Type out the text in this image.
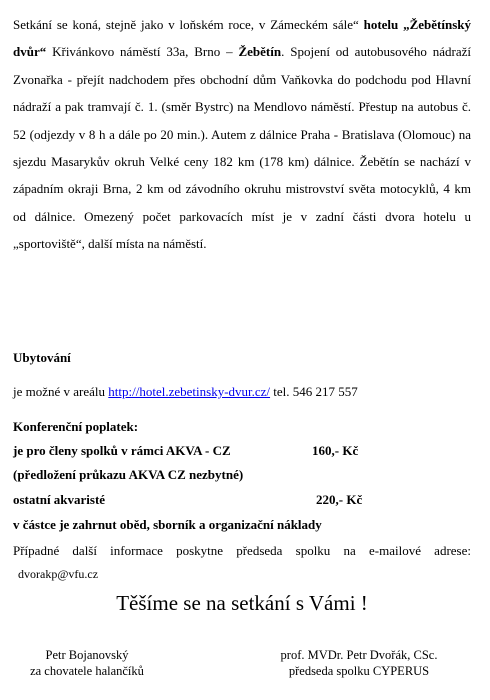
Setkání se koná, stejně jako v loňském roce, v Zámeckém sále“ hotelu „Žebětínský dvůr“ Křivánkovo náměstí 33a, Brno – Žebětín. Spojení od autobusového nádraží Zvonařka - přejít nadchodem přes obchodní dům Vaňkovka do podchodu pod Hlavní nádraží a pak tramvají č. 1. (směr Bystrc) na Mendlovo náměstí. Přestup na autobus č. 52 (odjezdy v 8 h a dále po 20 min.). Autem z dálnice Praha - Bratislava (Olomouc) na sjezdu Masarykův okruh Velké ceny 182 km (178 km) dálnice. Žebětín se nachází v západním okraji Brna, 2 km od závodního okruhu mistrovství světa motocyklů, 4 km od dálnice. Omezený počet parkovacích míst je v zadní části dvora hotelu u „sportoviště“, další místa na náměstí.

Ubytování
je možné v areálu http://hotel.zebetinsky-dvur.cz/ tel. 546 217 557
Konferenční poplatek:
je pro členy spolků v rámci AKVA - CZ	160,- Kč
(předložení průkazu AKVA CZ nezbytné)
ostatní akvaristé	220,- Kč
v částce je zahrnut oběd, sborník a organizační náklady
Případné další informace poskytne předseda spolku na e-mailové adrese:
dvorakp@vfu.cz
Těšíme se na setkání s Vámi !
Petr Bojanovský
za chovatele halančíků
prof. MVDr. Petr Dvořák, CSc.
předseda spolku CYPERUS
